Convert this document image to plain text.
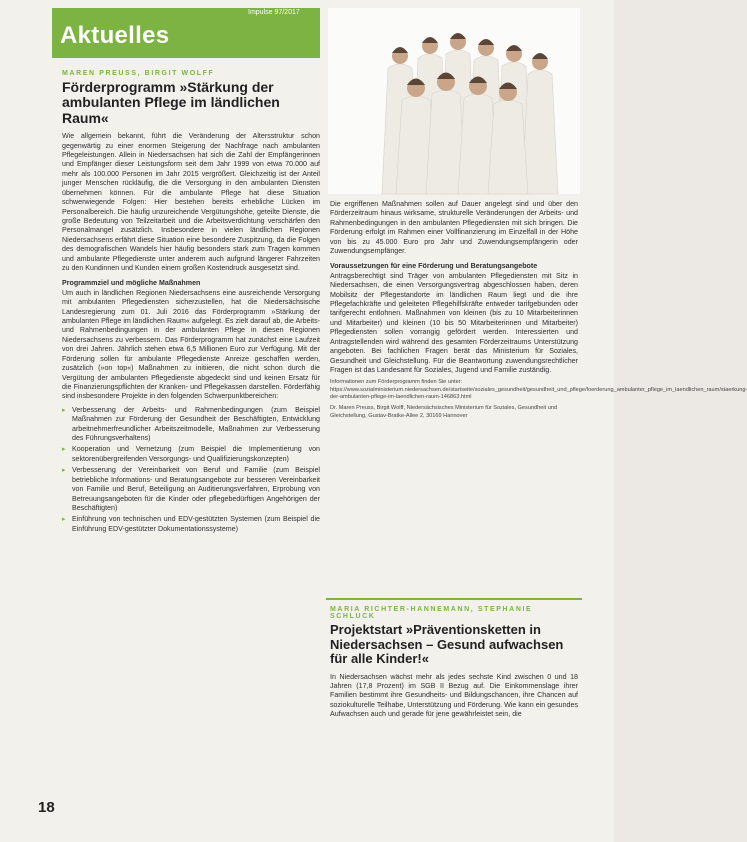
Impulse 97/2017
Aktuelles
MAREN PREUSS, BIRGIT WOLFF
Förderprogramm »Stärkung der ambulanten Pflege im ländlichen Raum«

Wie allgemein bekannt, führt die Veränderung der Altersstruktur schon gegenwärtig zu einer enormen Steigerung der Nachfrage nach ambulanten Pflegeleistungen. Allein in Niedersachsen hat sich die Zahl der Empfängerinnen und Empfänger dieser Leistungsform seit dem Jahr 1999 von etwa 70.000 auf mehr als 100.000 Personen im Jahr 2015 vergrößert. Gleichzeitig ist der Anteil junger Menschen rückläufig, die die Versorgung in den ambulanten Diensten übernehmen können. Für die ambulante Pflege hat diese Situation schwerwiegende Folgen: Hier bestehen bereits erhebliche Lücken im Personalbereich. Die häufig unzureichende Vergütungshöhe, geteilte Dienste, die große Bedeutung von Teilzeitarbeit und die Arbeitsverdichtung verschärfen den Personalmangel zusätzlich. Insbesondere in vielen ländlichen Regionen Niedersachsens erfährt diese Situation eine besondere Zuspitzung, da die Folgen des demografischen Wandels hier häufig besonders stark zum Tragen kommen und ambulante Pflegedienste unter anderem auch aufgrund längerer Fahrzeiten zu den Kundinnen und Kunden einem großen Kostendruck ausgesetzt sind.

Programmziel und mögliche Maßnahmen

Um auch in ländlichen Regionen Niedersachsens eine ausreichende Versorgung mit ambulanten Pflegediensten sicherzustellen, hat die Niedersächsische Landesregierung zum 01. Juli 2016 das Förderprogramm »Stärkung der ambulanten Pflege im ländlichen Raum« aufgelegt. Es zielt darauf ab, die Arbeits- und Rahmenbedingungen in der ambulanten Pflege in diesen Regionen Niedersachsens zu verbessern. Das Förderprogramm hat zunächst eine Laufzeit von drei Jahren. Jährlich stehen etwa 6,5 Millionen Euro zur Verfügung. Mit der Förderung sollen für ambulante Pflegedienste Anreize geschaffen werden, zusätzlich (»on top«) Maßnahmen zu initiieren, die nicht schon durch die Vergütung der ambulanten Pflegedienste abgedeckt sind und keinen Ersatz für die Finanzierungspflichten der Kranken- und Pflegekassen darstellen. Förderfähig sind insbesondere Projekte in den folgenden Schwerpunktbereichen:

▸ Verbesserung der Arbeits- und Rahmenbedingungen (zum Beispiel Maßnahmen zur Förderung der Gesundheit der Beschäftigten, Entwicklung arbeitnehmerfreundlicher Arbeitszeitmodelle, Maßnahmen zur Verbesserung des Führungsverhaltens)
▸ Kooperation und Vernetzung (zum Beispiel die Implementierung von sektorenübergreifenden Versorgungs- und Qualifizierungskonzepten)
▸ Verbesserung der Vereinbarkeit von Beruf und Familie (zum Beispiel betriebliche Informations- und Beratungsangebote zur besseren Vereinbarkeit von Familie und Beruf, Beteiligung an Auditierungsverfahren, Erprobung von Betreuungsangeboten für die Kinder oder pflegebedürftigen Angehörigen der Beschäftigten)
▸ Einführung von technischen und EDV-gestützten Systemen (zum Beispiel die Einführung EDV-gestützter Dokumentationssysteme)
18

Die ergriffenen Maßnahmen sollen auf Dauer angelegt sind und über den Förderzeitraum hinaus wirksame, strukturelle Veränderungen der Arbeits- und Rahmenbedingungen in den ambulanten Pflegediensten mit sich bringen. Die Förderung erfolgt im Rahmen einer Vollfinanzierung im Einzelfall in der Höhe von bis zu 45.000 Euro pro Jahr und Zuwendungsempfängerin oder Zuwendungsempfänger.

Voraussetzungen für eine Förderung und Beratungsangebote

Antragsberechtigt sind Träger von ambulanten Pflegediensten mit Sitz in Niedersachsen, die einen Versorgungsvertrag abgeschlossen haben, deren Mobilsitz der Pflegestandorte im ländlichen Raum liegt und die ihre Pflegefachkräfte und geleiteten Pflegehilfskräfte entweder tarifgebunden oder tarifgerecht entlohnen. Maßnahmen von kleinen (bis zu 10 Mitarbeiterinnen und Mitarbeiter) und kleinen (10 bis 50 Mitarbeiterinnen und Mitarbeiter) Pflegediensten sollen vorrangig gefördert werden. Interessierten und Antragstellenden wird während des gesamten Förderzeitraums Unterstützung angeboten. Bei fachlichen Fragen berät das Ministerium für Soziales, Gesundheit und Gleichstellung. Für die Beantwortung zuwendungsrechtlicher Fragen ist das Landesamt für Soziales, Jugend und Familie zuständig.

Informationen zum Förderprogramm finden Sie unter: https://www.sozialministerium.niedersachsen.de/startseite/soziales_gesundheit/gesundheit_und_pflege/foerderung_ambulanter_pflege_im_laendlichen_raum/staerkung-der-ambulanten-pflege-im-laendlichen-raum-146863.html
Dr. Maren Preuss, Birgit Wolff, Niedersächsisches Ministerium für Soziales, Gesundheit und Gleichstellung, Gustav-Bratke-Allee 2, 30169 Hannover
MARIA RICHTER-HANNEMANN, STEPHANIE SCHLUCK
Projektstart »Präventionsketten in Niedersachsen – Gesund aufwachsen für alle Kinder!«

In Niedersachsen wächst mehr als jedes sechste Kind zwischen 0 und 18 Jahren (17,8 Prozent) im SGB II Bezug auf. Die Einkommenslage ihrer Familien bestimmt ihre Gesundheits- und Bildungschancen, ihre Chancen auf soziokulturelle Teilhabe, Unterstützung und Förderung. Wie kann ein gesundes Aufwachsen auch und gerade für jene gewährleistet sein, die
